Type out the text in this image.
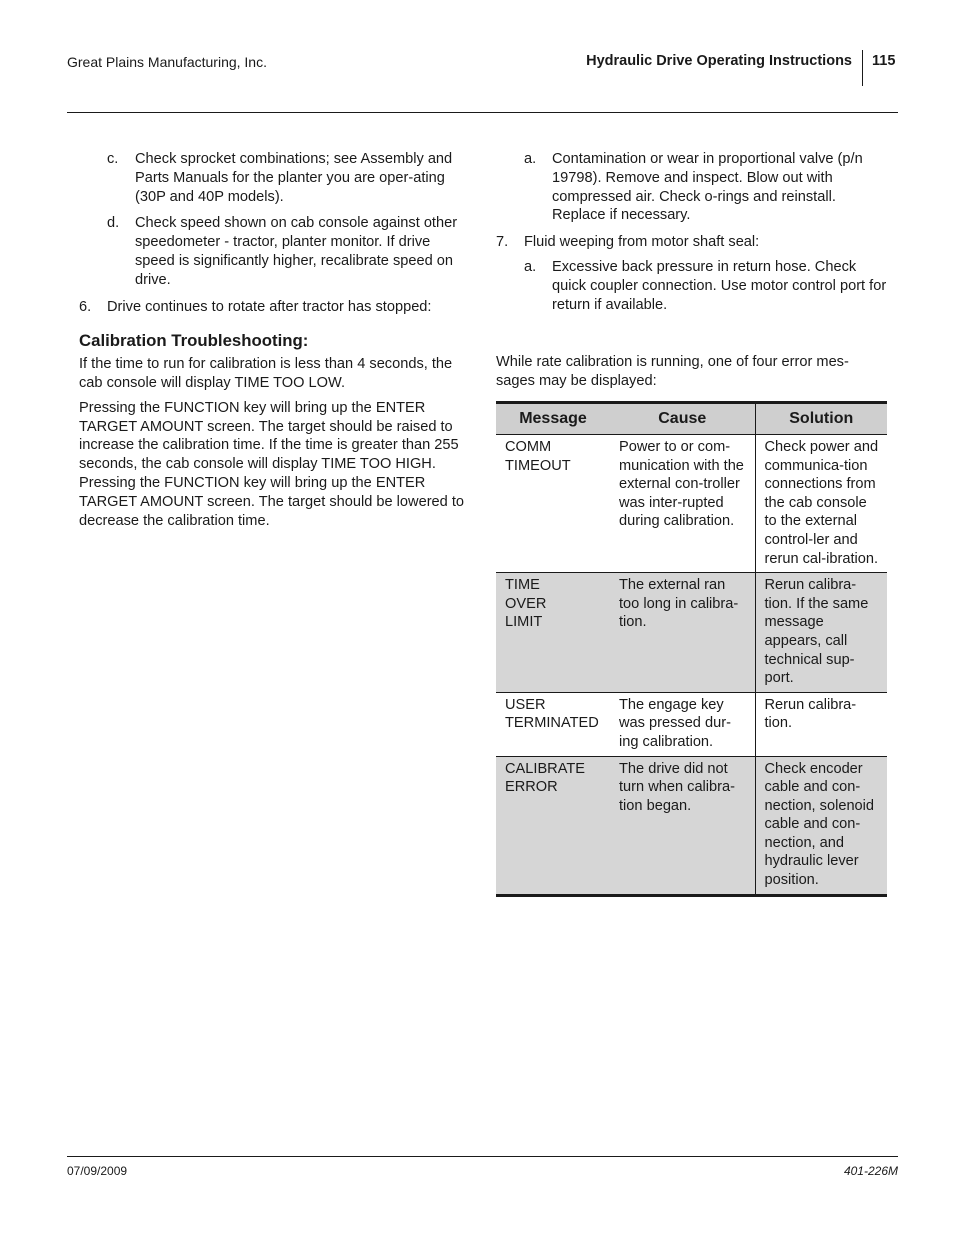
Great Plains Manufacturing, Inc.	Hydraulic Drive Operating Instructions 115
c. Check sprocket combinations; see Assembly and Parts Manuals for the planter you are oper-ating (30P and 40P models).
d. Check speed shown on cab console against other speedometer - tractor, planter monitor. If drive speed is significantly higher, recalibrate speed on drive.
6. Drive continues to rotate after tractor has stopped:
Calibration Troubleshooting:

If the time to run for calibration is less than 4 seconds, the cab console will display TIME TOO LOW.

Pressing the FUNCTION key will bring up the ENTER TARGET AMOUNT screen. The target should be raised to increase the calibration time. If the time is greater than 255 seconds, the cab console will display TIME TOO HIGH. Pressing the FUNCTION key will bring up the ENTER TARGET AMOUNT screen. The target should be lowered to decrease the calibration time.

a. Contamination or wear in proportional valve (p/n 19798). Remove and inspect. Blow out with compressed air. Check o-rings and reinstall. Replace if necessary.
7. Fluid weeping from motor shaft seal:
a. Excessive back pressure in return hose. Check quick coupler connection. Use motor control port for return if available.

While rate calibration is running, one of four error mes-sages may be displayed:

Message	Cause	Solution

COMM
TIMEOUT	Power to or com-munication with the external con-troller was inter-rupted during calibration.	Check power and communica-tion connections from the cab console to the external control-ler and rerun cal-ibration.

TIME
OVER
LIMIT	The external ran too long in calibra-tion.	Rerun calibra-tion. If the same message appears, call technical sup-port.

USER
TERMINATED	The engage key was pressed dur-ing calibration.	Rerun calibra-tion.

CALIBRATE
ERROR	The drive did not turn when calibra-tion began.	Check encoder cable and con-nection, solenoid cable and con-nection, and hydraulic lever position.
07/09/2009	401-226M
